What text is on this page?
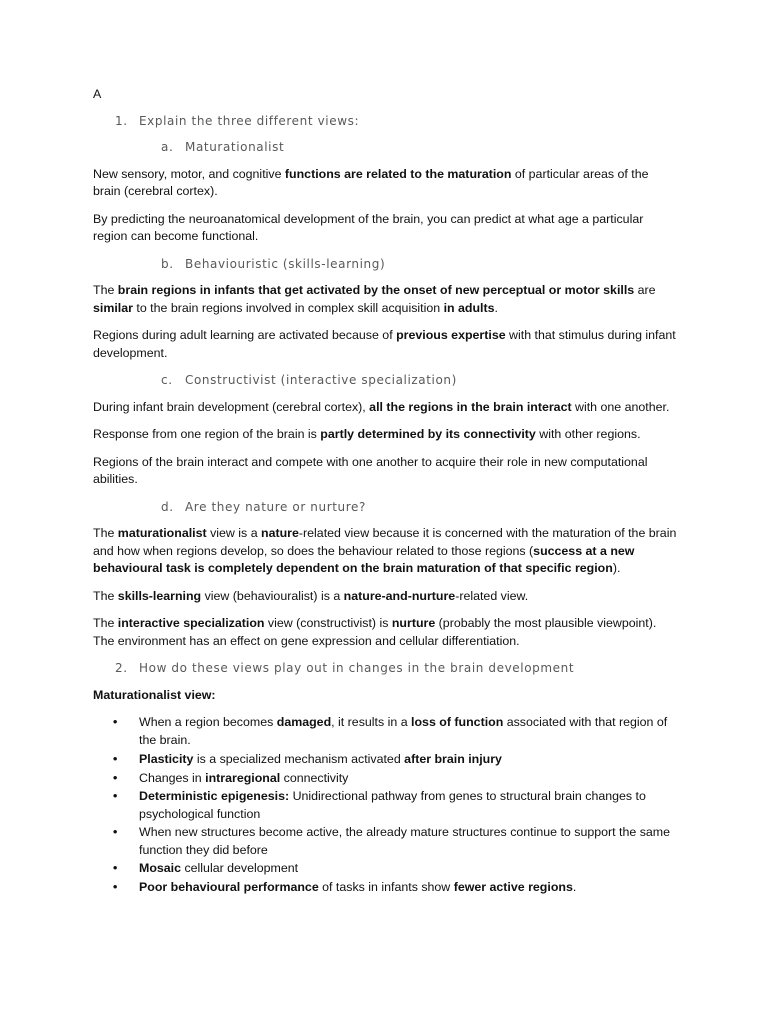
A
1. Explain the three different views:
a. Maturationalist

New sensory, motor, and cognitive functions are related to the maturation of particular areas of the brain (cerebral cortex).

By predicting the neuroanatomical development of the brain, you can predict at what age a particular region can become functional.

b. Behaviouristic (skills-learning)

The brain regions in infants that get activated by the onset of new perceptual or motor skills are similar to the brain regions involved in complex skill acquisition in adults.

Regions during adult learning are activated because of previous expertise with that stimulus during infant development.

c. Constructivist (interactive specialization)

During infant brain development (cerebral cortex), all the regions in the brain interact with one another.

Response from one region of the brain is partly determined by its connectivity with other regions.

Regions of the brain interact and compete with one another to acquire their role in new computational abilities.

d. Are they nature or nurture?

The maturationalist view is a nature-related view because it is concerned with the maturation of the brain and how when regions develop, so does the behaviour related to those regions (success at a new behavioural task is completely dependent on the brain maturation of that specific region).

The skills-learning view (behaviouralist) is a nature-and-nurture-related view.

The interactive specialization view (constructivist) is nurture (probably the most plausible viewpoint). The environment has an effect on gene expression and cellular differentiation.

2. How do these views play out in changes in the brain development

Maturationalist view:

• When a region becomes damaged, it results in a loss of function associated with that region of the brain.
• Plasticity is a specialized mechanism activated after brain injury
• Changes in intraregional connectivity
• Deterministic epigenesis: Unidirectional pathway from genes to structural brain changes to psychological function
• When new structures become active, the already mature structures continue to support the same function they did before
• Mosaic cellular development
• Poor behavioural performance of tasks in infants show fewer active regions.
